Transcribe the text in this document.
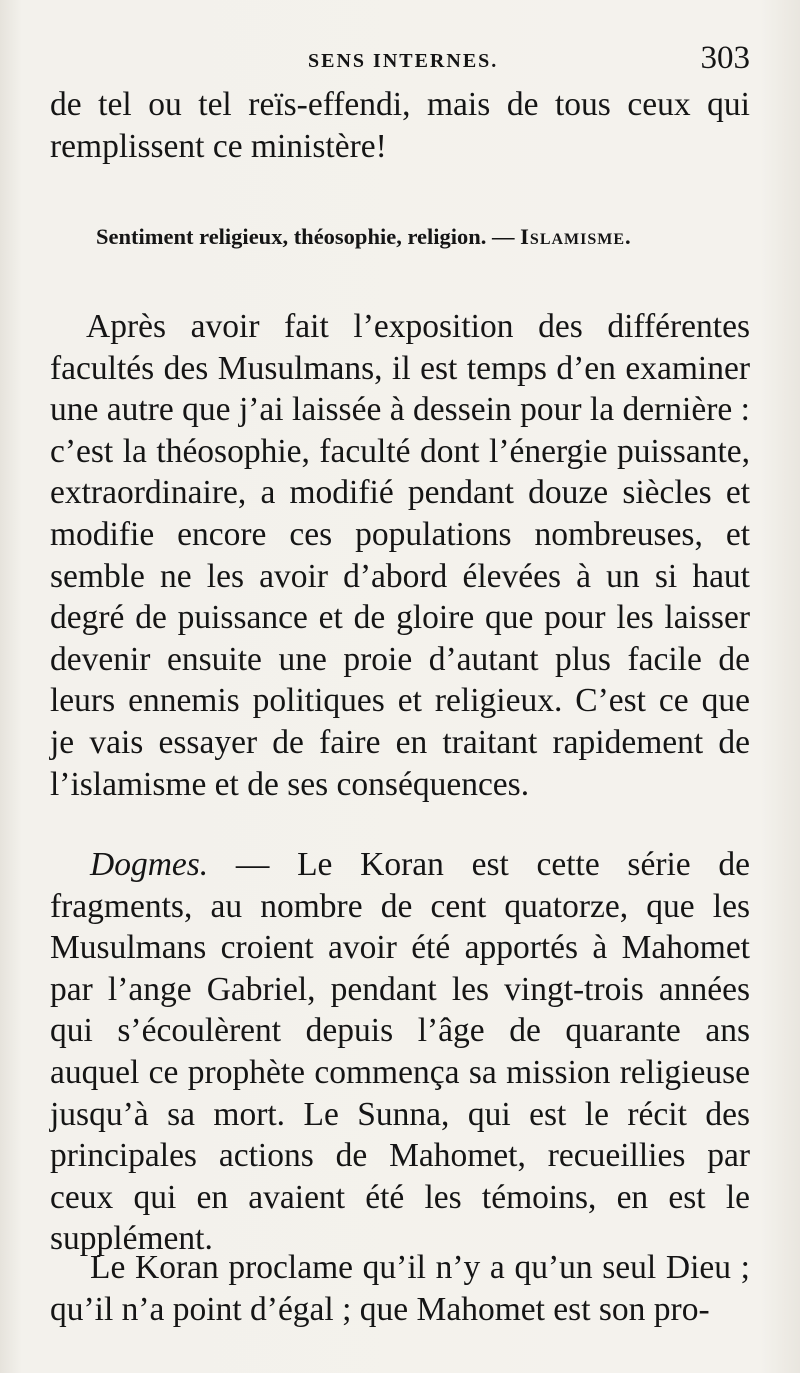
SENS INTERNES.	303

de tel ou tel reïs-effendi, mais de tous ceux qui remplissent ce ministère!

Sentiment religieux, théosophie, religion. — Islamisme.

Après avoir fait l’exposition des différentes facultés des Musulmans, il est temps d’en examiner une autre que j’ai laissée à dessein pour la dernière : c’est la théosophie, faculté dont l’énergie puissante, extraordinaire, a modifié pendant douze siècles et modifie encore ces populations nombreuses, et semble ne les avoir d’abord élevées à un si haut degré de puissance et de gloire que pour les laisser devenir ensuite une proie d’autant plus facile de leurs ennemis politiques et religieux. C’est ce que je vais essayer de faire en traitant rapidement de l’islamisme et de ses conséquences.

Dogmes. — Le Koran est cette série de fragments, au nombre de cent quatorze, que les Musulmans croient avoir été apportés à Mahomet par l’ange Gabriel, pendant les vingt-trois années qui s’écoulèrent depuis l’âge de quarante ans auquel ce prophète commença sa mission religieuse jusqu’à sa mort. Le Sunna, qui est le récit des principales actions de Mahomet, recueillies par ceux qui en avaient été les témoins, en est le supplément.

Le Koran proclame qu’il n’y a qu’un seul Dieu ; qu’il n’a point d’égal ; que Mahomet est son pro-
